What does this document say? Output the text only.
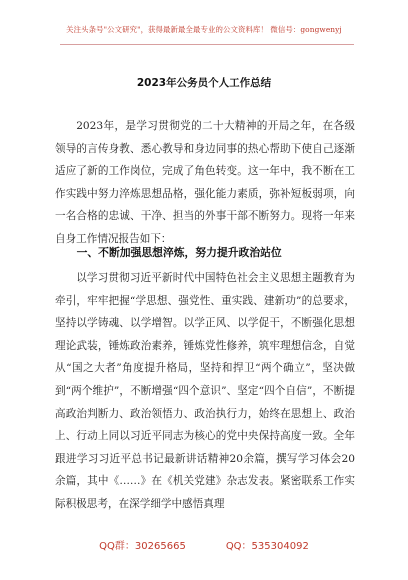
关注头条号"公文研究"，获得最新最全最专业的公文资料库！ 微信号：gongwenyj
2023年公务员个人工作总结

2023年，是学习贯彻党的二十大精神的开局之年，在各级领导的言传身教、悉心教导和身边同事的热心帮助下使自己逐渐适应了新的工作岗位，完成了角色转变。这一年中，我不断在工作实践中努力淬炼思想品格，强化能力素质，弥补短板弱项，向一名合格的忠诚、干净、担当的外事干部不断努力。现将一年来自身工作情况报告如下：

一、不断加强思想淬炼，努力提升政治站位

以学习贯彻习近平新时代中国特色社会主义思想主题教育为牵引，牢牢把握“学思想、强党性、重实践、建新功”的总要求，坚持以学铸魂、以学增智。以学正风、以学促干，不断强化思想理论武装，锤炼政治素养，锤炼党性修养，筑牢理想信念，自觉从“国之大者”角度提升格局，坚持和捍卫“两个确立”，坚决做到“两个维护”，不断增强“四个意识”、坚定“四个自信”，不断提高政治判断力、政治领悟力、政治执行力，始终在思想上、政治上、行动上同以习近平同志为核心的党中央保持高度一致。全年跟进学习习近平总书记最新讲话精神20余篇，撰写学习体会20余篇，其中《……》在《机关党建》杂志发表。紧密联系工作实际积极思考，在深学细学中感悟真理

QQ群：30265665	QQ：535304092
